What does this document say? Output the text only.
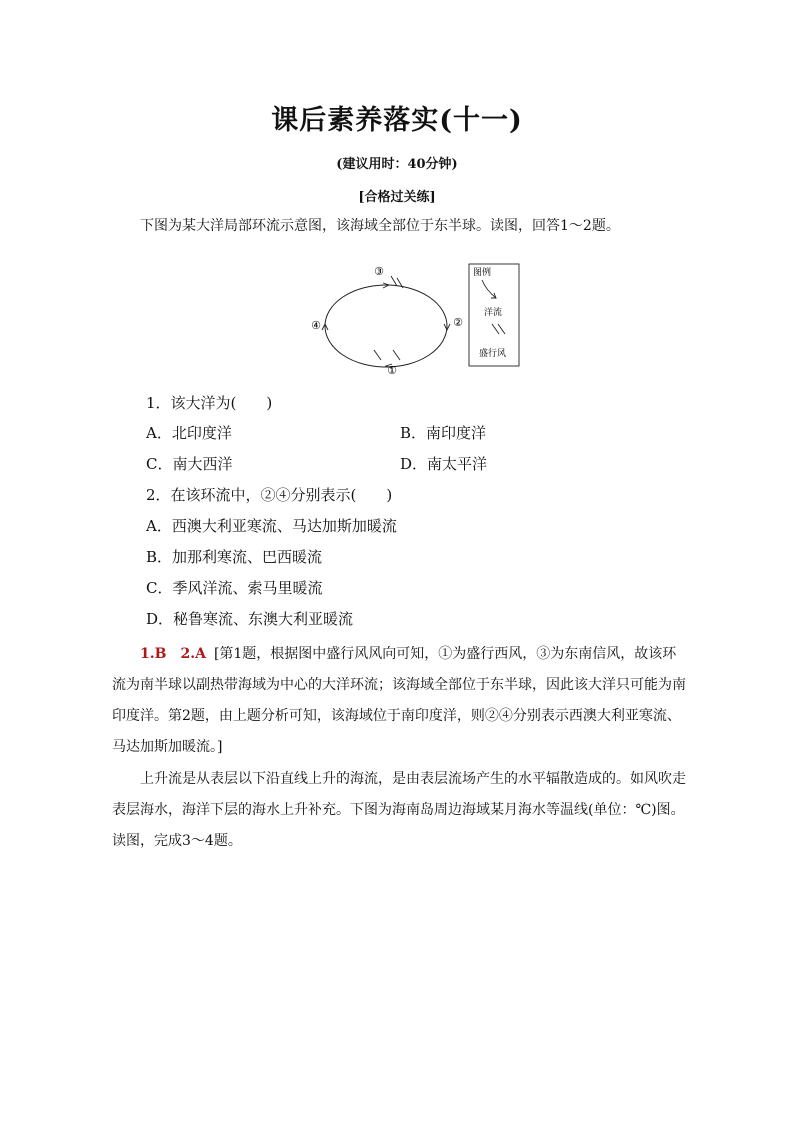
课后素养落实(十一)
(建议用时：40分钟)
[合格过关练]
下图为某大洋局部环流示意图，该海域全部位于东半球。读图，回答1～2题。
③
④	②
①
图例
洋流
盛行风
1．该大洋为(　　)
A．北印度洋	B．南印度洋
C．南大西洋	D．南太平洋
2．在该环流中，②④分别表示(　　)
A．西澳大利亚寒流、马达加斯加暖流
B．加那利寒流、巴西暖流
C．季风洋流、索马里暖流
D．秘鲁寒流、东澳大利亚暖流
1.B　2.A [第1题，根据图中盛行风风向可知，①为盛行西风，③为东南信风，故该环流为南半球以副热带海域为中心的大洋环流；该海域全部位于东半球，因此该大洋只可能为南印度洋。第2题，由上题分析可知，该海域位于南印度洋，则②④分别表示西澳大利亚寒流、马达加斯加暖流。]
上升流是从表层以下沿直线上升的海流，是由表层流场产生的水平辐散造成的。如风吹走表层海水，海洋下层的海水上升补充。下图为海南岛周边海域某月海水等温线(单位：℃)图。读图，完成3～4题。
